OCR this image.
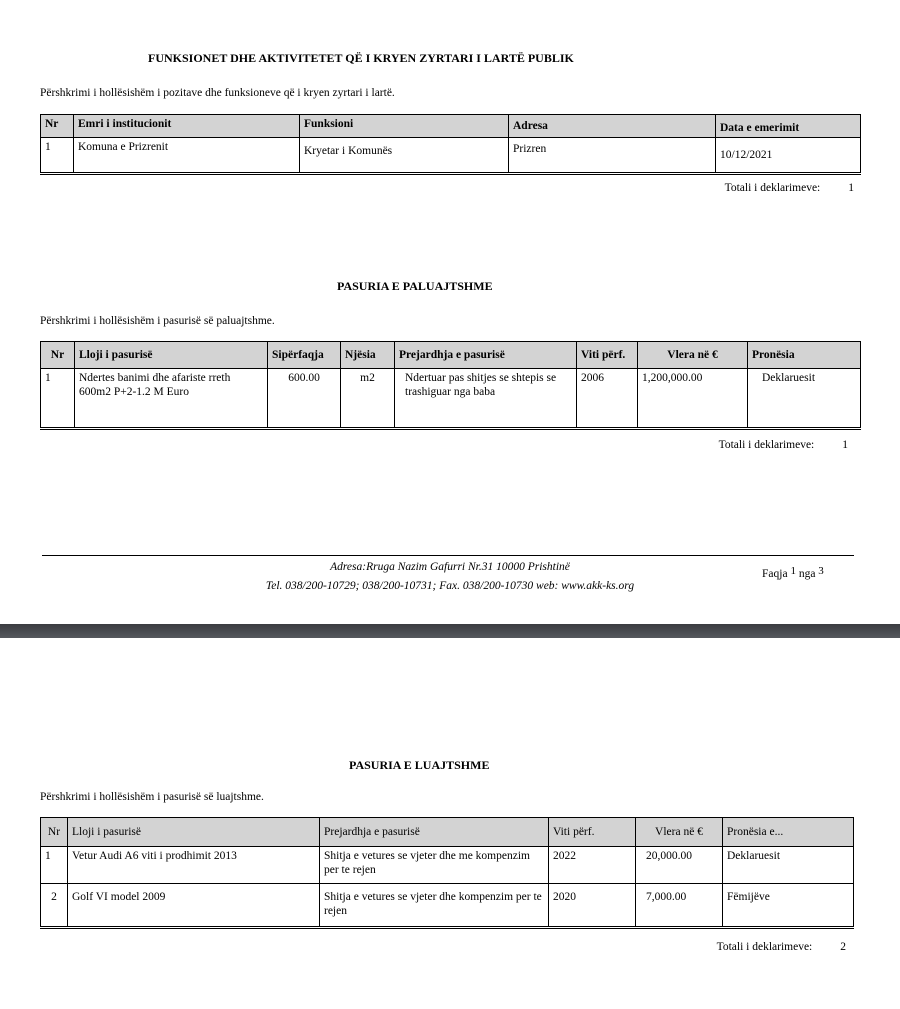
FUNKSIONET DHE AKTIVITETET QË I KRYEN ZYRTARI I LARTË PUBLIK
Përshkrimi i hollësishëm i pozitave dhe funksioneve që i kryen zyrtari i lartë.
Nr	Emri i institucionit	Funksioni	Adresa	Data e emerimit
1	Komuna e Prizrenit	Kryetar i Komunës	Prizren	10/12/2021
Totali i deklarimeve: 1
PASURIA E PALUAJTSHME
Përshkrimi i hollësishëm i pasurisë së paluajtshme.
Nr	Lloji i pasurisë	Sipërfaqja	Njësia	Prejardhja e pasurisë	Viti përf.	Vlera në €	Pronësia
1	Ndertes banimi dhe afariste rreth 600m2 P+2-1.2 M Euro	600.00	m2	Ndertuar pas shitjes se shtepis se trashiguar nga baba	2006	1,200,000.00	Deklaruesit
Totali i deklarimeve: 1
Adresa:Rruga Nazim Gafurri Nr.31 10000 Prishtinë
Tel. 038/200-10729; 038/200-10731; Fax. 038/200-10730 web: www.akk-ks.org
Faqja $^1$ nga $^3$
PASURIA E LUAJTSHME
Përshkrimi i hollësishëm i pasurisë së luajtshme.
Nr	Lloji i pasurisë	Prejardhja e pasurisë	Viti përf.	Vlera në €	Pronësia e...
1	Vetur Audi A6 viti i prodhimit 2013	Shitja e vetures se vjeter dhe me kompenzim per te rejen	2022	20,000.00	Deklaruesit
2	Golf VI model 2009	Shitja e vetures se vjeter dhe kompenzim per te rejen	2020	7,000.00	Fëmijëve
Totali i deklarimeve: 2
